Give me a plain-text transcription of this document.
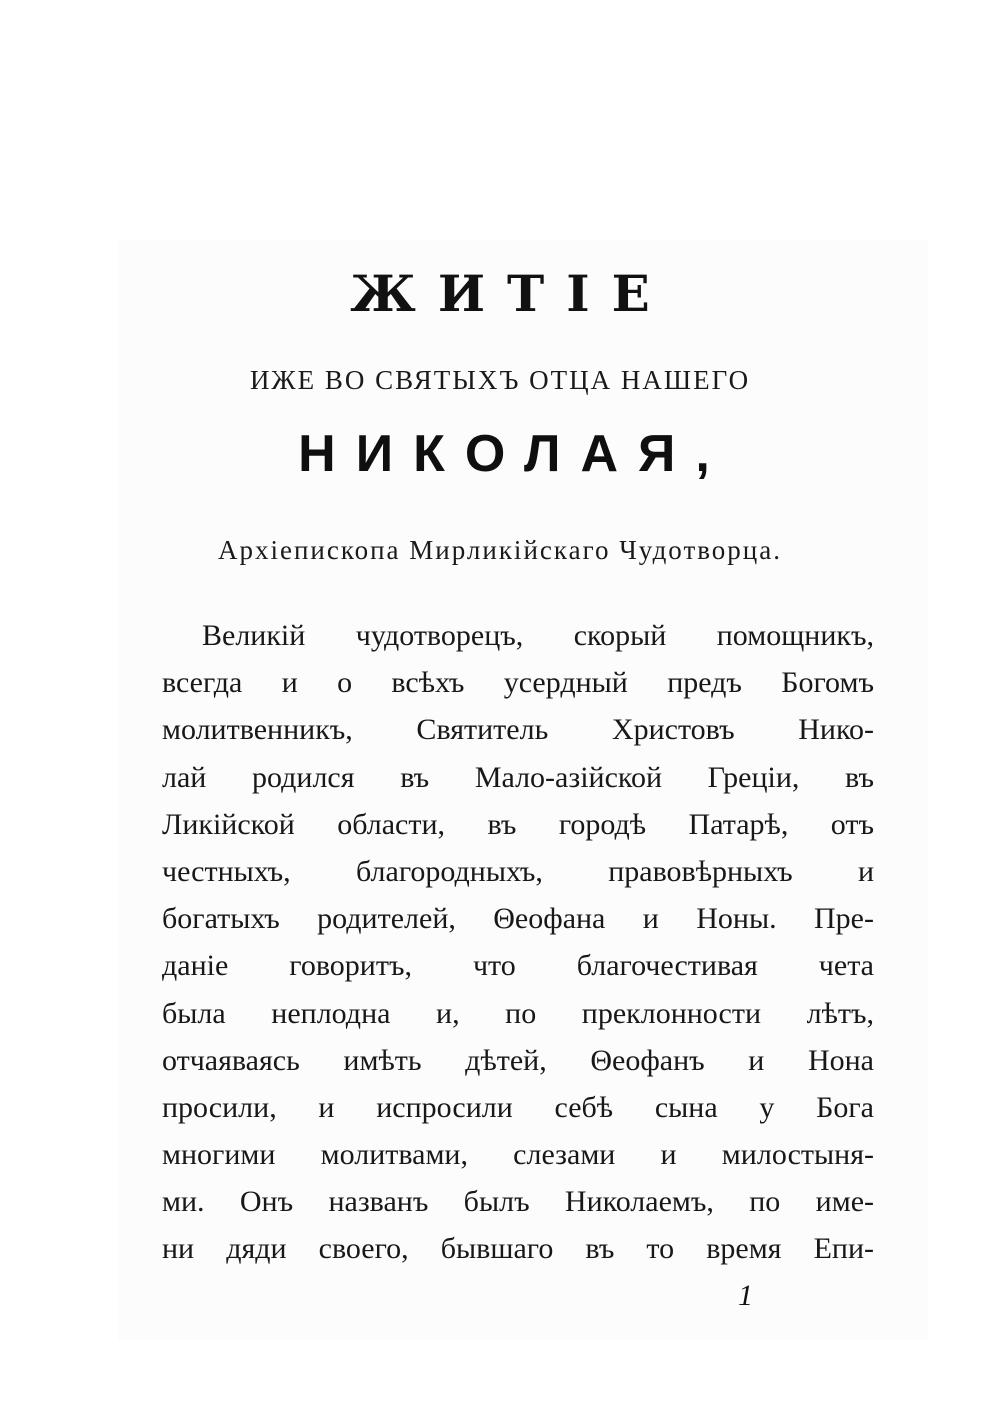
ЖИТІЕ
ИЖЕ ВО СВЯТЫХЪ ОТЦА НАШЕГО
НИКОЛАЯ,
Архіепископа Мирликійскаго Чудотворца.
Великій чудотворецъ, скорый помощникъ,
всегда и о всѣхъ усердный предъ Богомъ
молитвенникъ, Святитель Христовъ Нико-
лай родился въ Мало-азійской Греціи, въ
Ликійской области, въ городѣ Патарѣ, отъ
честныхъ, благородныхъ, правовѣрныхъ и
богатыхъ родителей, Θеофана и Ноны. Пре-
даніе говоритъ, что благочестивая чета
была неплодна и, по преклонности лѣтъ,
отчаяваясь имѣть дѣтей, Θеофанъ и Нона
просили, и испросили себѣ сына у Бога
многими молитвами, слезами и милостыня-
ми. Онъ названъ былъ Николаемъ, по име-
ни дяди своего, бывшаго въ то время Епи-
1
